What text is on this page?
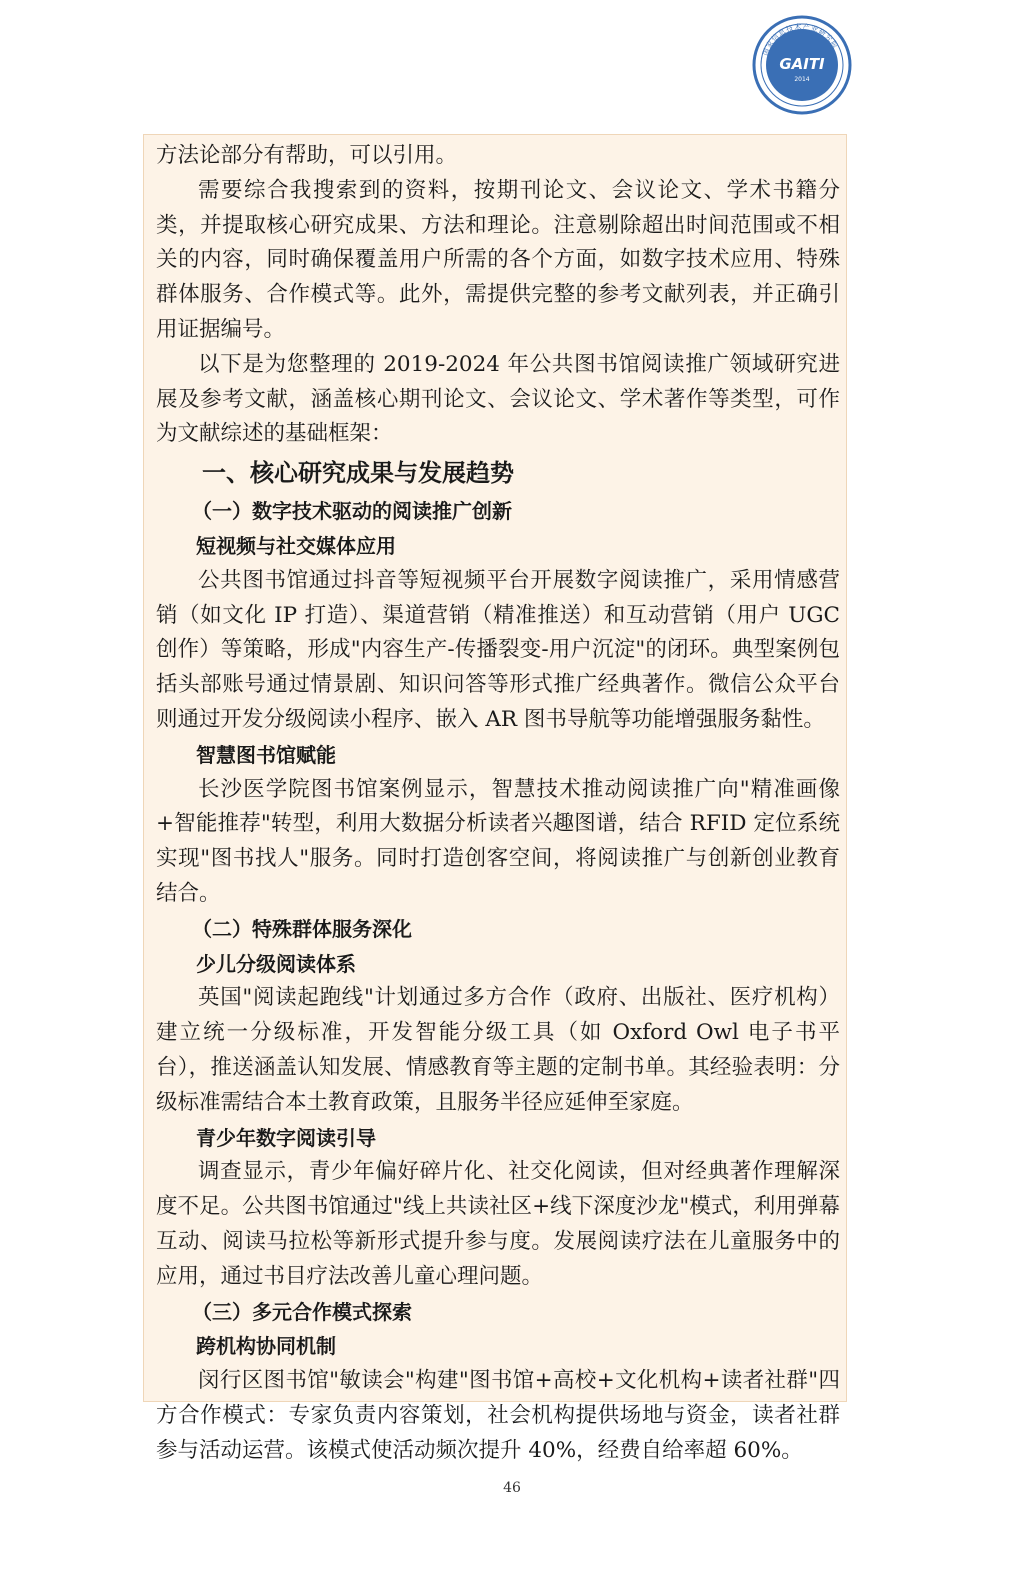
国家信息技术产业研究院
GAITI
2014

方法论部分有帮助，可以引用。

需要综合我搜索到的资料，按期刊论文、会议论文、学术书籍分类，并提取核心研究成果、方法和理论。注意剔除超出时间范围或不相关的内容，同时确保覆盖用户所需的各个方面，如数字技术应用、特殊群体服务、合作模式等。此外，需提供完整的参考文献列表，并正确引用证据编号。

以下是为您整理的 2019-2024 年公共图书馆阅读推广领域研究进展及参考文献，涵盖核心期刊论文、会议论文、学术著作等类型，可作为文献综述的基础框架：

一、核心研究成果与发展趋势
（一）数字技术驱动的阅读推广创新
短视频与社交媒体应用

公共图书馆通过抖音等短视频平台开展数字阅读推广，采用情感营销（如文化 IP 打造）、渠道营销（精准推送）和互动营销（用户 UGC 创作）等策略，形成"内容生产-传播裂变-用户沉淀"的闭环。典型案例包括头部账号通过情景剧、知识问答等形式推广经典著作。微信公众平台则通过开发分级阅读小程序、嵌入 AR 图书导航等功能增强服务黏性。

智慧图书馆赋能

长沙医学院图书馆案例显示，智慧技术推动阅读推广向"精准画像+智能推荐"转型，利用大数据分析读者兴趣图谱，结合 RFID 定位系统实现"图书找人"服务。同时打造创客空间，将阅读推广与创新创业教育结合。

（二）特殊群体服务深化
少儿分级阅读体系

英国"阅读起跑线"计划通过多方合作（政府、出版社、医疗机构）建立统一分级标准，开发智能分级工具（如 Oxford Owl 电子书平台），推送涵盖认知发展、情感教育等主题的定制书单。其经验表明：分级标准需结合本土教育政策，且服务半径应延伸至家庭。

青少年数字阅读引导

调查显示，青少年偏好碎片化、社交化阅读，但对经典著作理解深度不足。公共图书馆通过"线上共读社区+线下深度沙龙"模式，利用弹幕互动、阅读马拉松等新形式提升参与度。发展阅读疗法在儿童服务中的应用，通过书目疗法改善儿童心理问题。

（三）多元合作模式探索
跨机构协同机制

闵行区图书馆"敏读会"构建"图书馆+高校+文化机构+读者社群"四方合作模式：专家负责内容策划，社会机构提供场地与资金，读者社群参与活动运营。该模式使活动频次提升 40%，经费自给率超 60%。

46
